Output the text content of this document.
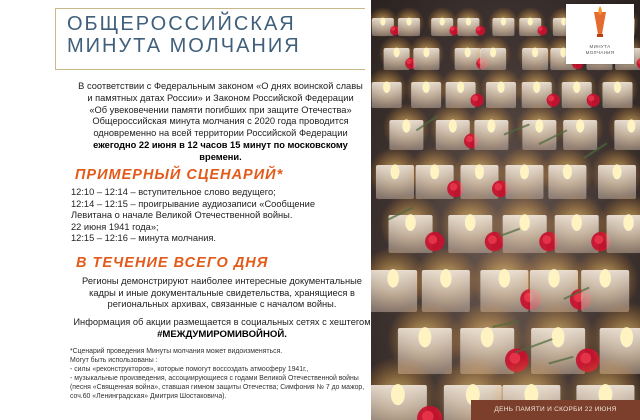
ОБЩЕРОССИЙСКАЯ
МИНУТА МОЛЧАНИЯ
В соответствии с Федеральным законом «О днях воинской славы и памятных датах России» и Законом Российской Федерации «Об увековечении памяти погибших при защите Отечества» Общероссийская минута молчания с 2020 года проводится одновременно на всей территории Российской Федерации ежегодно 22 июня в 12 часов 15 минут по московскому времени.
ПРИМЕРНЫЙ СЦЕНАРИЙ*
12:10 – 12:14 – вступительное слово ведущего;
12:14 – 12:15 – проигрывание аудиозаписи «Сообщение
Левитана о начале Великой Отечественной войны.
22 июня 1941 года»;
12:15 – 12:16 – минута молчания.
В ТЕЧЕНИЕ ВСЕГО ДНЯ
Регионы демонстрируют наиболее интересные документальные кадры и иные документальные свидетельства, хранящиеся в региональных архивах, связанные с началом войны.
Информация об акции размещается в социальных сетях с хештегом #МЕЖДУМИРОМИВОЙНОЙ.
*Сценарий проведения Минуты молчания может видоизменяться.
Могут быть использованы :
- силы «реконструкторов», которые помогут воссоздать атмосферу 1941г.,
- музыкальные произведения, ассоциирующиеся с годами Великой Отечественной войны
(песня «Священная война», ставшая гимном защиты Отечества; Симфония № 7 до мажор,
соч.60 «Ленинградская» Дмитрия Шостаковича).
МИНУТА
МОЛЧАНИЯ
ДЕНЬ ПАМЯТИ И СКОРБИ 22 ИЮНЯ
